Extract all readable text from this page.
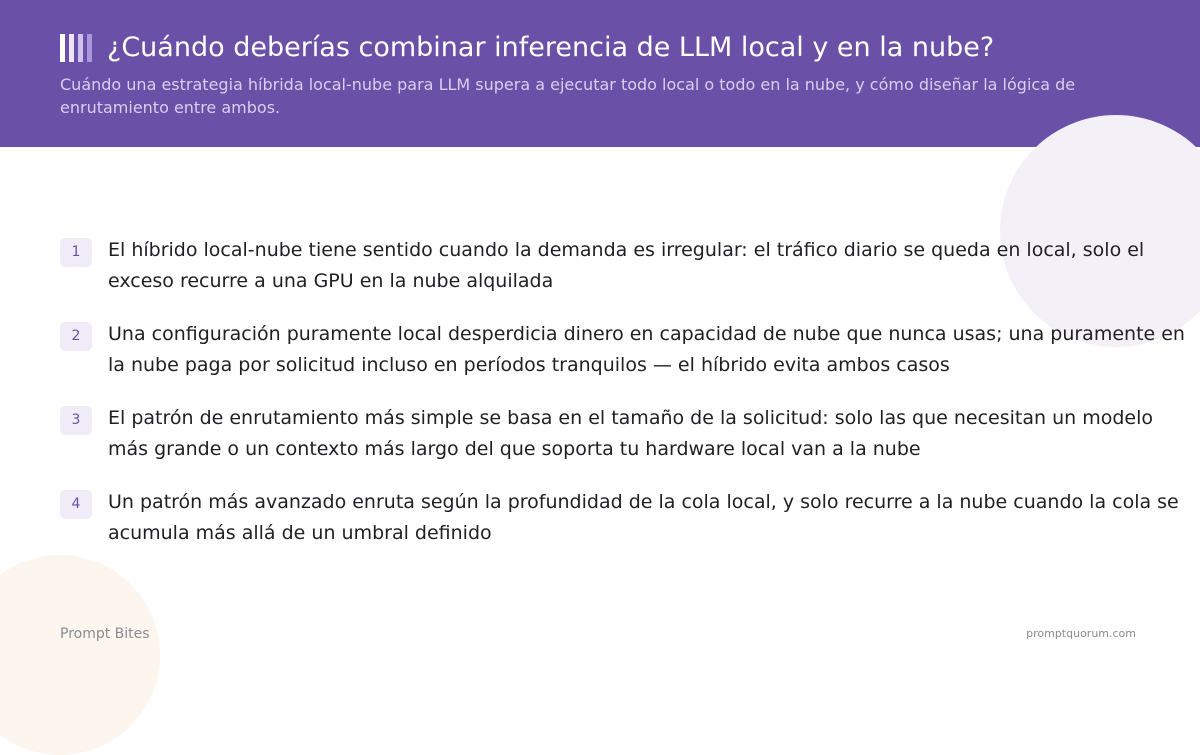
¿Cuándo deberías combinar inferencia de LLM local y en la nube?
Cuándo una estrategia híbrida local-nube para LLM supera a ejecutar todo local o todo en la nube, y cómo diseñar la lógica de enrutamiento entre ambos.
1	El híbrido local-nube tiene sentido cuando la demanda es irregular: el tráfico diario se queda en local, solo el exceso recurre a una GPU en la nube alquilada
2	Una configuración puramente local desperdicia dinero en capacidad de nube que nunca usas; una puramente en la nube paga por solicitud incluso en períodos tranquilos — el híbrido evita ambos casos
3	El patrón de enrutamiento más simple se basa en el tamaño de la solicitud: solo las que necesitan un modelo más grande o un contexto más largo del que soporta tu hardware local van a la nube
4	Un patrón más avanzado enruta según la profundidad de la cola local, y solo recurre a la nube cuando la cola se acumula más allá de un umbral definido
Prompt Bites	promptquorum.com
